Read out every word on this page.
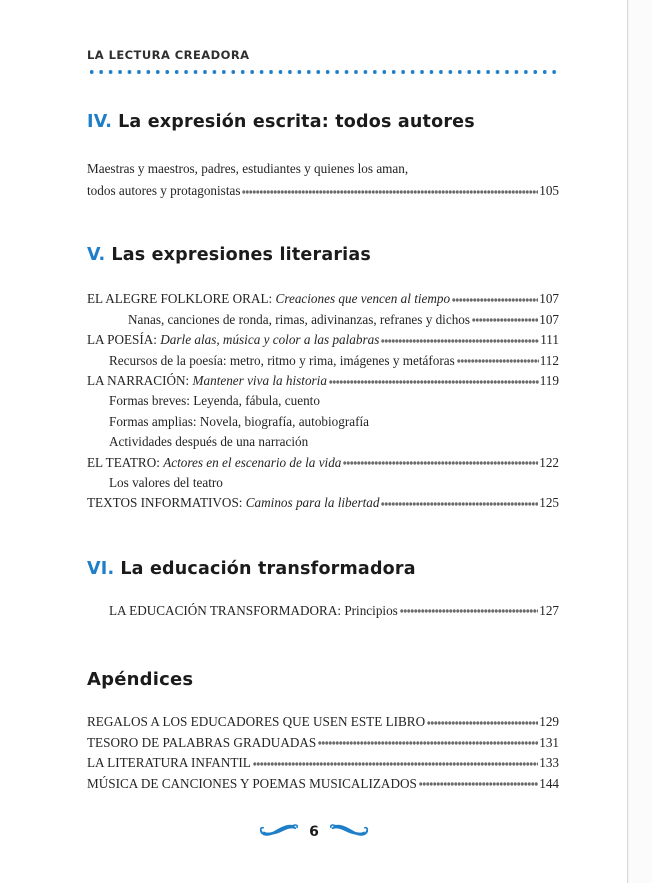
LA LECTURA CREADORA
IV. La expresión escrita: todos autores
Maestras y maestros, padres, estudiantes y quienes los aman,
todos autores y protagonistas	105
V. Las expresiones literarias
EL ALEGRE FOLKLORE ORAL: Creaciones que vencen al tiempo	107
Nanas, canciones de ronda, rimas, adivinanzas, refranes y dichos	107
LA POESÍA: Darle alas, música y color a las palabras	111
Recursos de la poesía: metro, ritmo y rima, imágenes y metáforas	112
LA NARRACIÓN: Mantener viva la historia	119
Formas breves: Leyenda, fábula, cuento
Formas amplias: Novela, biografía, autobiografía
Actividades después de una narración
EL TEATRO: Actores en el escenario de la vida	122
Los valores del teatro
TEXTOS INFORMATIVOS: Caminos para la libertad	125
VI. La educación transformadora
LA EDUCACIÓN TRANSFORMADORA: Principios	127
Apéndices
REGALOS A LOS EDUCADORES QUE USEN ESTE LIBRO	129
TESORO DE PALABRAS GRADUADAS	131
LA LITERATURA INFANTIL	133
MÚSICA DE CANCIONES Y POEMAS MUSICALIZADOS	144
6
